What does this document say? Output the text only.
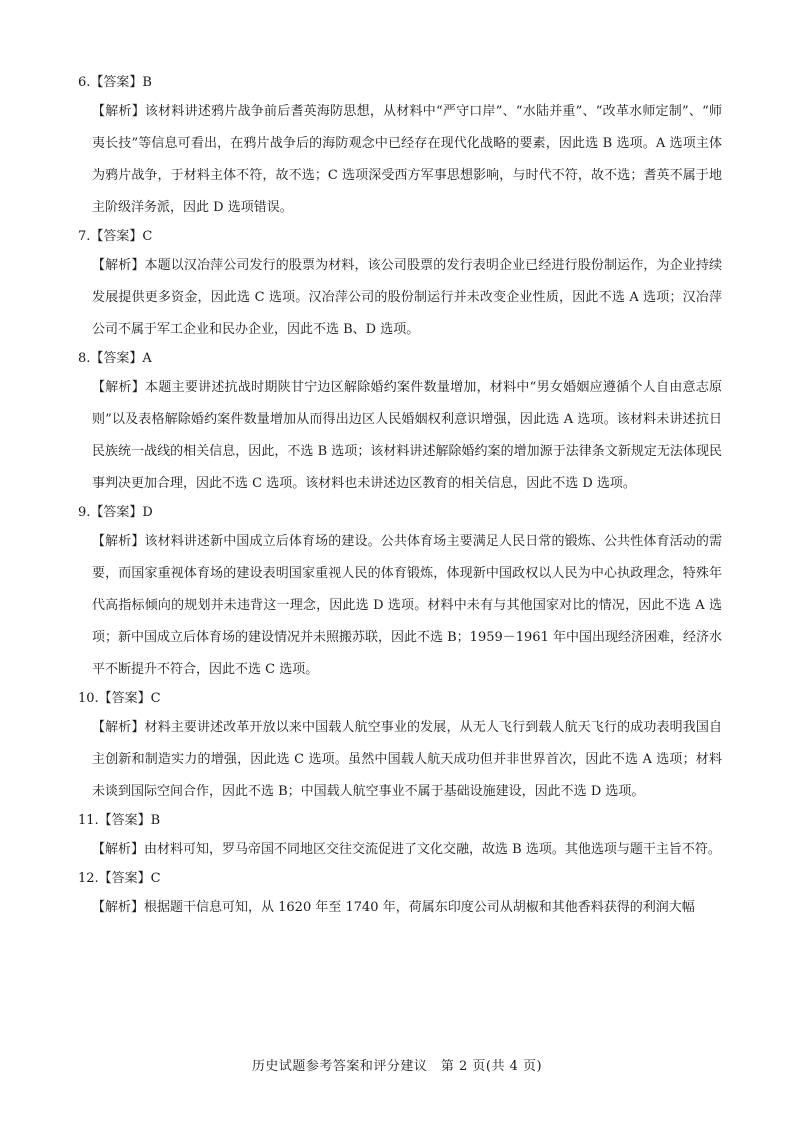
6.【答案】B

【解析】该材料讲述鸦片战争前后耆英海防思想，从材料中“严守口岸”、“水陆并重”、“改革水师定制”、“师夷长技”等信息可看出，在鸦片战争后的海防观念中已经存在现代化战略的要素，因此选 B 选项。A 选项主体为鸦片战争，于材料主体不符，故不选；C 选项深受西方军事思想影响，与时代不符，故不选；耆英不属于地主阶级洋务派，因此 D 选项错误。

7.【答案】C

【解析】本题以汉冶萍公司发行的股票为材料，该公司股票的发行表明企业已经进行股份制运作，为企业持续发展提供更多资金，因此选 C 选项。汉冶萍公司的股份制运行并未改变企业性质，因此不选 A 选项；汉冶萍公司不属于军工企业和民办企业，因此不选 B、D 选项。

8.【答案】A

【解析】本题主要讲述抗战时期陕甘宁边区解除婚约案件数量增加，材料中“男女婚姻应遵循个人自由意志原则”以及表格解除婚约案件数量增加从而得出边区人民婚姻权利意识增强，因此选 A 选项。该材料未讲述抗日民族统一战线的相关信息，因此，不选 B 选项；该材料讲述解除婚约案的增加源于法律条文新规定无法体现民事判决更加合理，因此不选 C 选项。该材料也未讲述边区教育的相关信息，因此不选 D 选项。

9.【答案】D

【解析】该材料讲述新中国成立后体育场的建设。公共体育场主要满足人民日常的锻炼、公共性体育活动的需要，而国家重视体育场的建设表明国家重视人民的体育锻炼，体现新中国政权以人民为中心执政理念，特殊年代高指标倾向的规划并未违背这一理念，因此选 D 选项。材料中未有与其他国家对比的情况，因此不选 A 选项；新中国成立后体育场的建设情况并未照搬苏联，因此不选 B；1959－1961 年中国出现经济困难，经济水平不断提升不符合，因此不选 C 选项。

10.【答案】C

【解析】材料主要讲述改革开放以来中国载人航空事业的发展，从无人飞行到载人航天飞行的成功表明我国自主创新和制造实力的增强，因此选 C 选项。虽然中国载人航天成功但并非世界首次，因此不选 A 选项；材料未谈到国际空间合作，因此不选 B；中国载人航空事业不属于基础设施建设，因此不选 D 选项。

11.【答案】B

【解析】由材料可知，罗马帝国不同地区交往交流促进了文化交融，故选 B 选项。其他选项与题干主旨不符。

12.【答案】C

【解析】根据题干信息可知，从 1620 年至 1740 年，荷属东印度公司从胡椒和其他香料获得的利润大幅

历史试题参考答案和评分建议　第 2 页(共 4 页)
